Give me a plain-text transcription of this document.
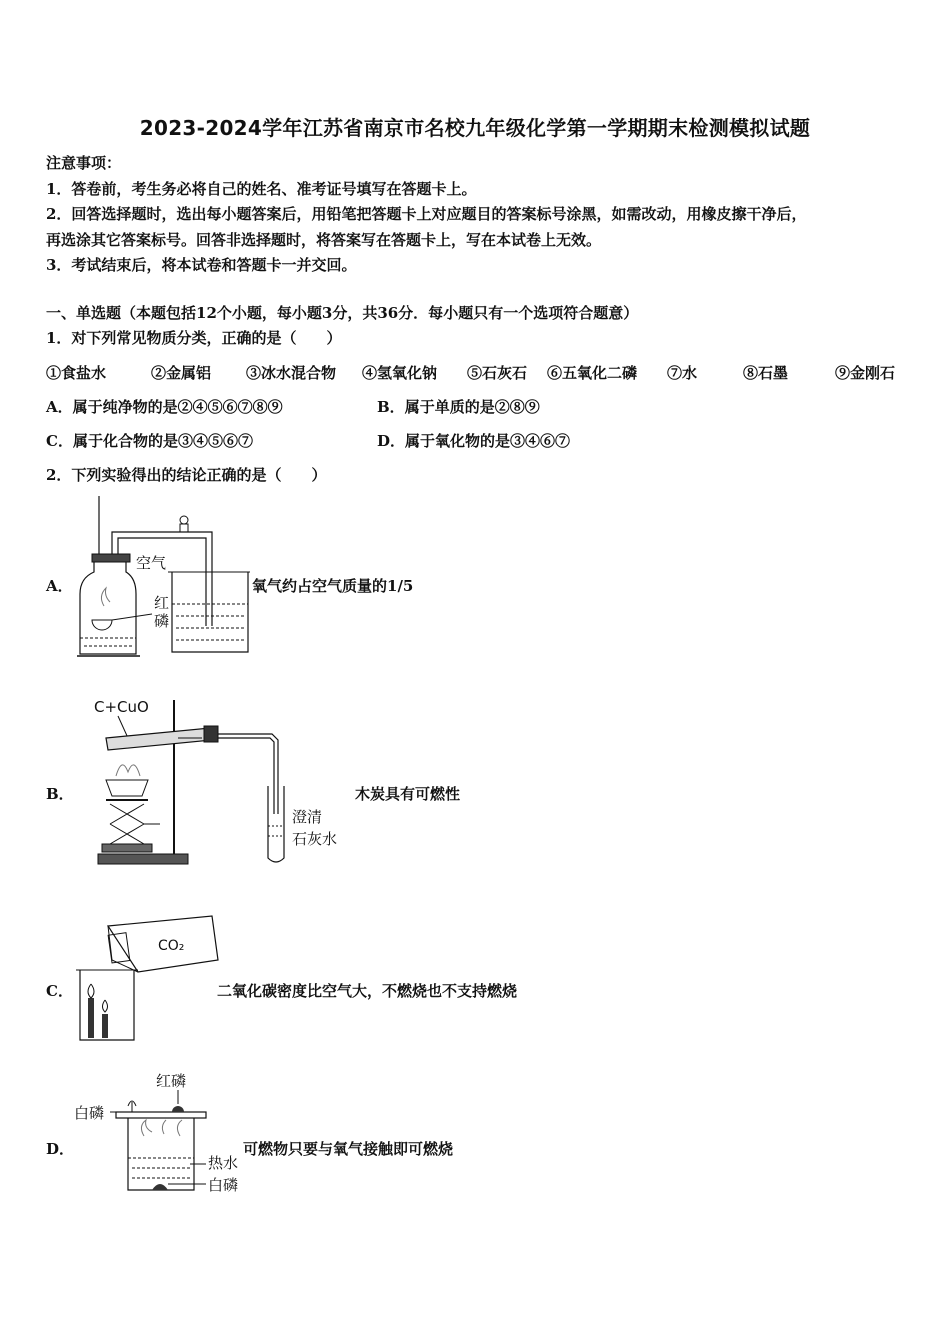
2023-2024学年江苏省南京市名校九年级化学第一学期期末检测模拟试题
注意事项：
1．答卷前，考生务必将自己的姓名、准考证号填写在答题卡上。
2．回答选择题时，选出每小题答案后，用铅笔把答题卡上对应题目的答案标号涂黑，如需改动，用橡皮擦干净后，
再选涂其它答案标号。回答非选择题时，将答案写在答题卡上，写在本试卷上无效。
3．考试结束后，将本试卷和答题卡一并交回。
一、单选题（本题包括12个小题，每小题3分，共36分．每小题只有一个选项符合题意）
1．对下列常见物质分类，正确的是（　　）
①食盐水	②金属铝 ③冰水混合物 ④氢氧化钠 ⑤石灰石 ⑥五氧化二磷 ⑦水	⑧石墨	⑨金刚石
A．属于纯净物的是②④⑤⑥⑦⑧⑨	B．属于单质的是②⑧⑨
C．属于化合物的是③④⑤⑥⑦	D．属于氧化物的是③④⑥⑦
2．下列实验得出的结论正确的是（　　）
A．	氧气约占空气质量的1/5
空气
红
磷
B．	木炭具有可燃性
C+CuO
澄清
石灰水
C．	二氧化碳密度比空气大，不燃烧也不支持燃烧
CO₂
D．	可燃物只要与氧气接触即可燃烧
红磷
白磷
热水
白磷
